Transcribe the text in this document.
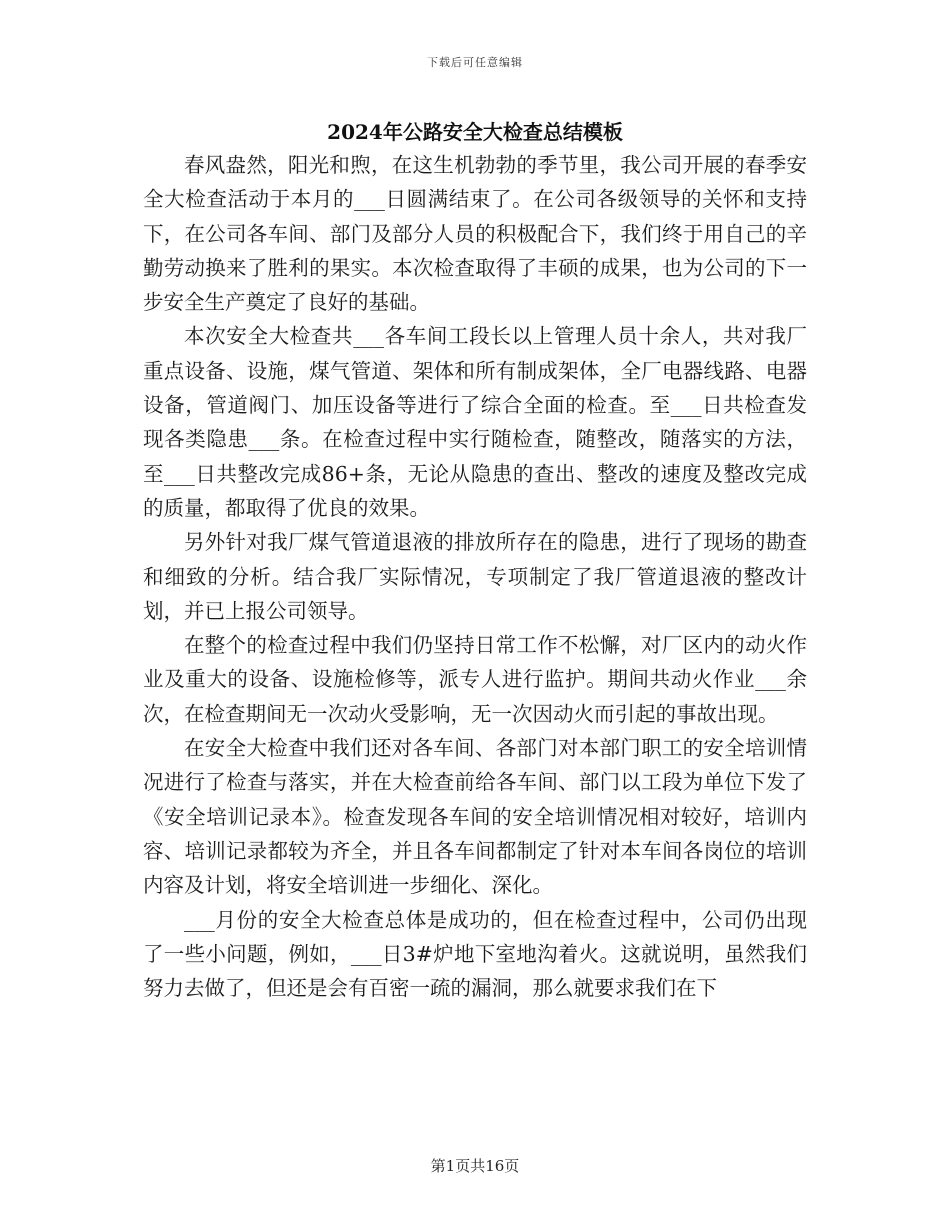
下载后可任意编辑
2024年公路安全大检查总结模板

春风盎然，阳光和煦，在这生机勃勃的季节里，我公司开展的春季安全大检查活动于本月的___日圆满结束了。在公司各级领导的关怀和支持下，在公司各车间、部门及部分人员的积极配合下，我们终于用自己的辛勤劳动换来了胜利的果实。本次检查取得了丰硕的成果，也为公司的下一步安全生产奠定了良好的基础。

本次安全大检查共___各车间工段长以上管理人员十余人，共对我厂重点设备、设施，煤气管道、架体和所有制成架体，全厂电器线路、电器设备，管道阀门、加压设备等进行了综合全面的检查。至___日共检查发现各类隐患___条。在检查过程中实行随检查，随整改，随落实的方法，至___日共整改完成86+条，无论从隐患的查出、整改的速度及整改完成的质量，都取得了优良的效果。

另外针对我厂煤气管道退液的排放所存在的隐患，进行了现场的勘查和细致的分析。结合我厂实际情况，专项制定了我厂管道退液的整改计划，并已上报公司领导。

在整个的检查过程中我们仍坚持日常工作不松懈，对厂区内的动火作业及重大的设备、设施检修等，派专人进行监护。期间共动火作业___余次，在检查期间无一次动火受影响，无一次因动火而引起的事故出现。

在安全大检查中我们还对各车间、各部门对本部门职工的安全培训情况进行了检查与落实，并在大检查前给各车间、部门以工段为单位下发了《安全培训记录本》。检查发现各车间的安全培训情况相对较好，培训内容、培训记录都较为齐全，并且各车间都制定了针对本车间各岗位的培训内容及计划，将安全培训进一步细化、深化。

___月份的安全大检查总体是成功的，但在检查过程中，公司仍出现了一些小问题，例如，___日3#炉地下室地沟着火。这就说明，虽然我们努力去做了，但还是会有百密一疏的漏洞，那么就要求我们在下

第1页共16页
